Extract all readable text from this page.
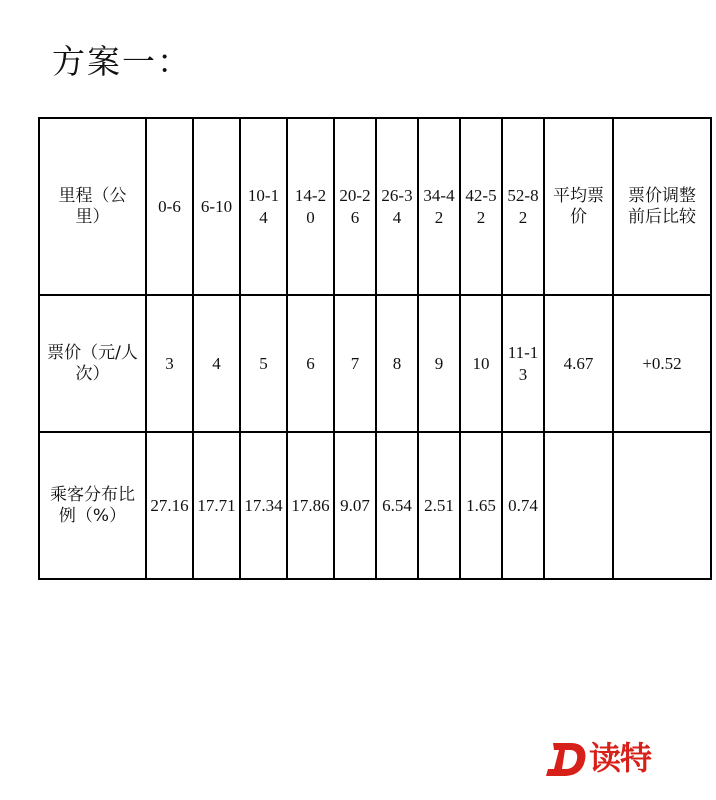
方案一：
里程（公里）	0-6	6-10	10-14	14-20	20-26	26-34	34-42	42-52	52-82	平均票价	票价调整前后比较
票价（元/人次）	3	4	5	6	7	8	9	10	11-13	4.67	+0.52
乘客分布比例（%）	27.16	17.71	17.34	17.86	9.07	6.54	2.51	1.65	0.74		
读特
